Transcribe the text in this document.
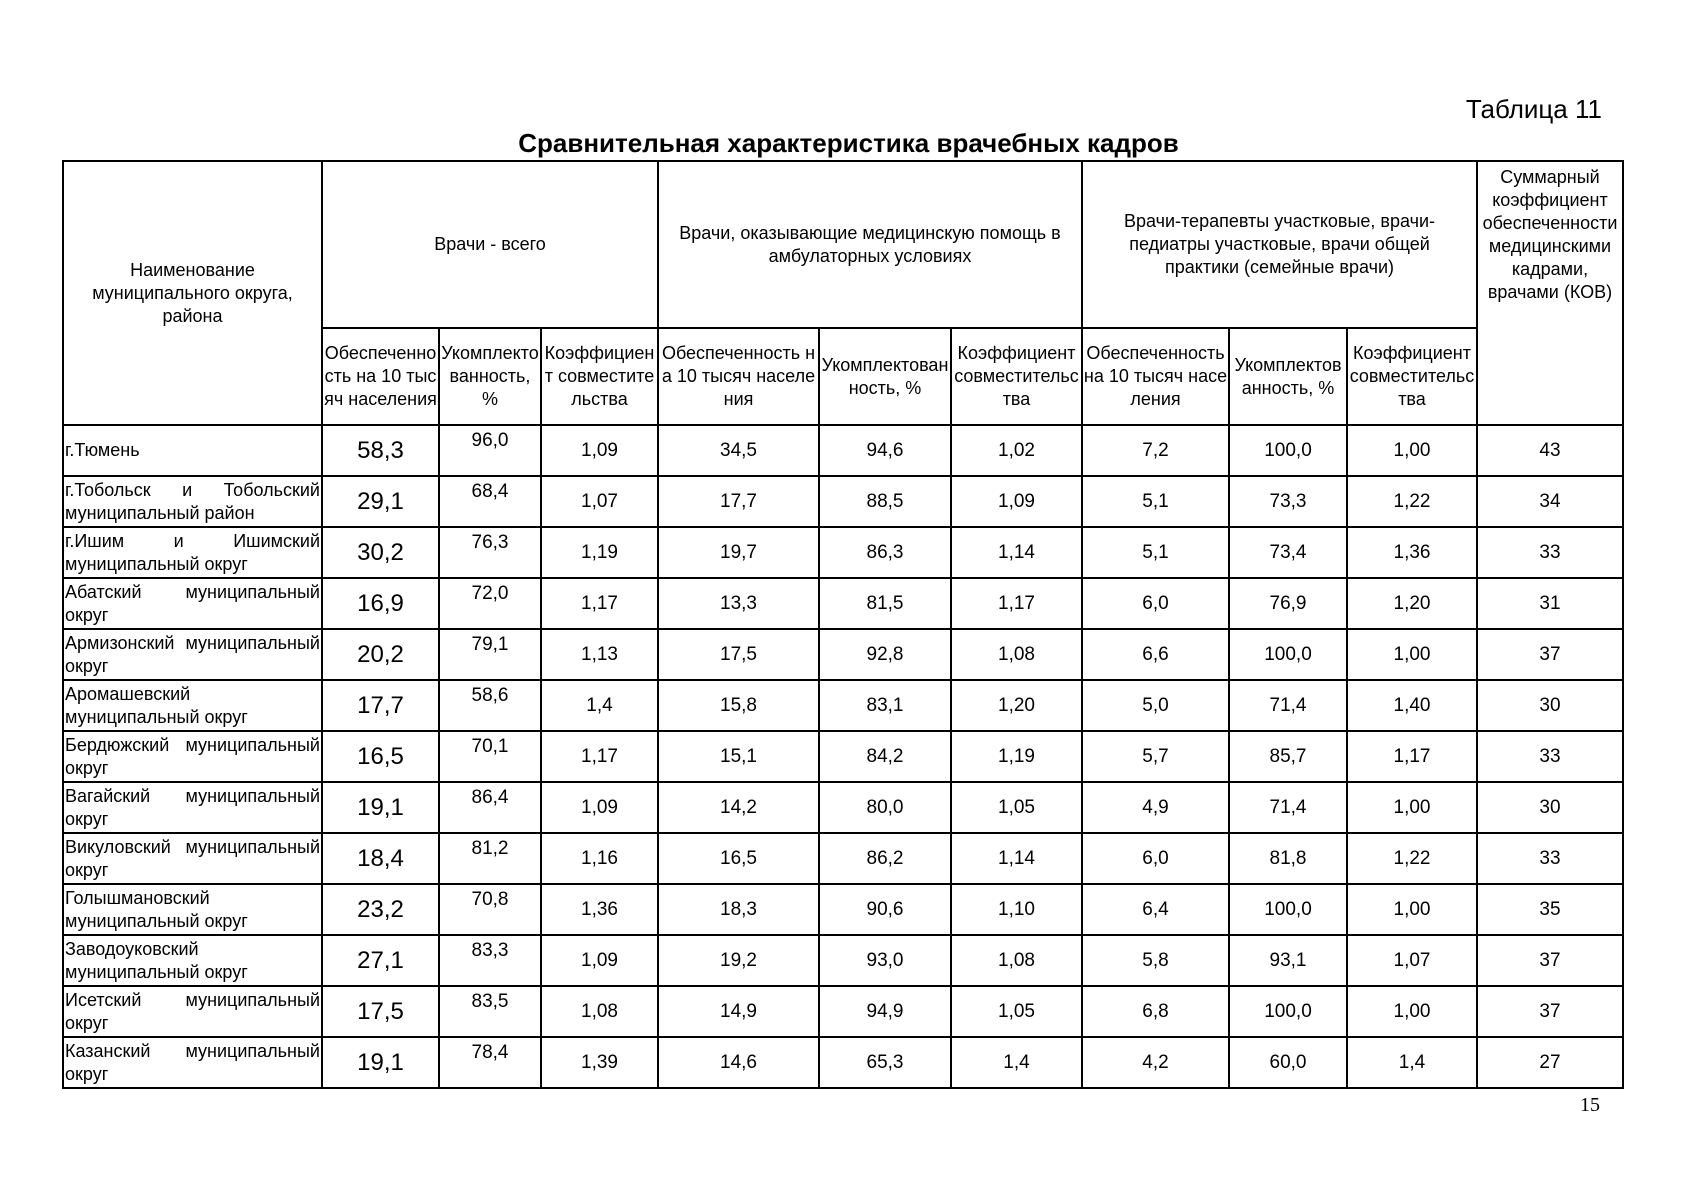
Таблица 11
Сравнительная характеристика врачебных кадров
Наименование муниципального округа, района	Врачи - всего			Врачи, оказывающие медицинскую помощь в амбулаторных условиях			Врачи-терапевты участковые, врачи-педиатры участковые, врачи общей практики (семейные врачи)			Суммарный коэффициент обеспеченности медицинскими кадрами, врачами (КОВ)
	Обеспеченность на 10 тысяч населения	Укомплектованность, %	Коэффициент совместительства	Обеспеченность на 10 тысяч населения	Укомплектованность, %	Коэффициент совместительства	Обеспеченность на 10 тысяч населения	Укомплектованность, %	Коэффициент совместительства	
г.Тюмень	58,3	96,0	1,09	34,5	94,6	1,02	7,2	100,0	1,00	43
г.Тобольск и Тобольский муниципальный район	29,1	68,4	1,07	17,7	88,5	1,09	5,1	73,3	1,22	34
г.Ишим и Ишимский муниципальный округ	30,2	76,3	1,19	19,7	86,3	1,14	5,1	73,4	1,36	33
Абатский муниципальный округ	16,9	72,0	1,17	13,3	81,5	1,17	6,0	76,9	1,20	31
Армизонский муниципальный округ	20,2	79,1	1,13	17,5	92,8	1,08	6,6	100,0	1,00	37
Аромашевский муниципальный округ	17,7	58,6	1,4	15,8	83,1	1,20	5,0	71,4	1,40	30
Бердюжский муниципальный округ	16,5	70,1	1,17	15,1	84,2	1,19	5,7	85,7	1,17	33
Вагайский муниципальный округ	19,1	86,4	1,09	14,2	80,0	1,05	4,9	71,4	1,00	30
Викуловский муниципальный округ	18,4	81,2	1,16	16,5	86,2	1,14	6,0	81,8	1,22	33
Голышмановский муниципальный округ	23,2	70,8	1,36	18,3	90,6	1,10	6,4	100,0	1,00	35
Заводоуковский муниципальный округ	27,1	83,3	1,09	19,2	93,0	1,08	5,8	93,1	1,07	37
Исетский муниципальный округ	17,5	83,5	1,08	14,9	94,9	1,05	6,8	100,0	1,00	37
Казанский муниципальный округ	19,1	78,4	1,39	14,6	65,3	1,4	4,2	60,0	1,4	27
15
